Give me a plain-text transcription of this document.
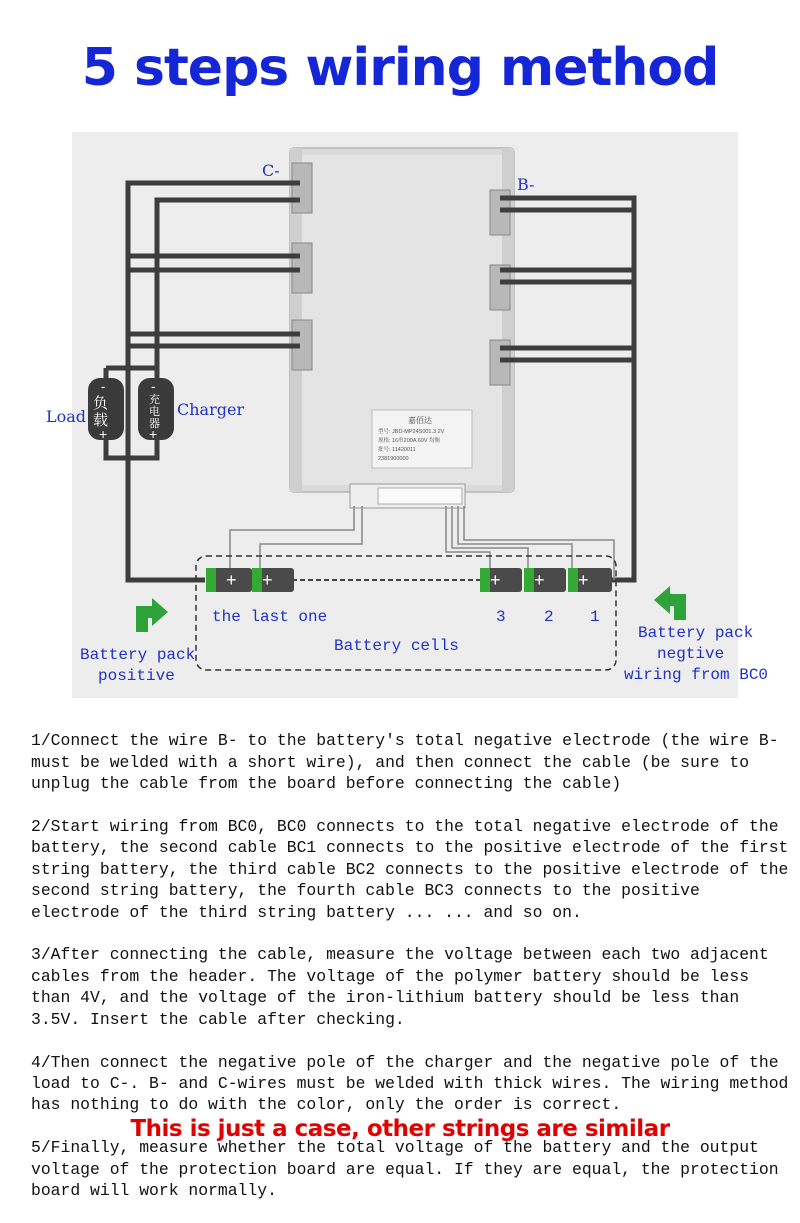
5 steps wiring method
嘉佰达
型号: JBD-MP24S001.3 2V
规格: 16串200A 60V 均衡
批号: 11420011
2381900000
+ +	+ + +
-
负
载
+
-
充
电
器
+
C-
B-
Load	Charger
the last one	3 2 1
Battery cells
Battery pack
positive
Battery pack
negtive
wiring from BC0

1/Connect the wire B- to the battery's total negative electrode (the wire B- must be welded with a short wire), and then connect the cable (be sure to unplug the cable from the board before connecting the cable)

2/Start wiring from BC0, BC0 connects to the total negative electrode of the battery, the second cable BC1 connects to the positive electrode of the first string battery, the third cable BC2 connects to the positive electrode of the second string battery, the fourth cable BC3 connects to the positive electrode of the third string battery ... ... and so on.

3/After connecting the cable, measure the voltage between each two adjacent cables from the header. The voltage of the polymer battery should be less than 4V, and the voltage of the iron-lithium battery should be less than 3.5V. Insert the cable after checking.

4/Then connect the negative pole of the charger and the negative pole of the load to C-. B- and C-wires must be welded with thick wires. The wiring method has nothing to do with the color, only the order is correct.

5/Finally, measure whether the total voltage of the battery and the output voltage of the protection board are equal. If they are equal, the protection board will work normally.

This is just a case, other strings are similar
